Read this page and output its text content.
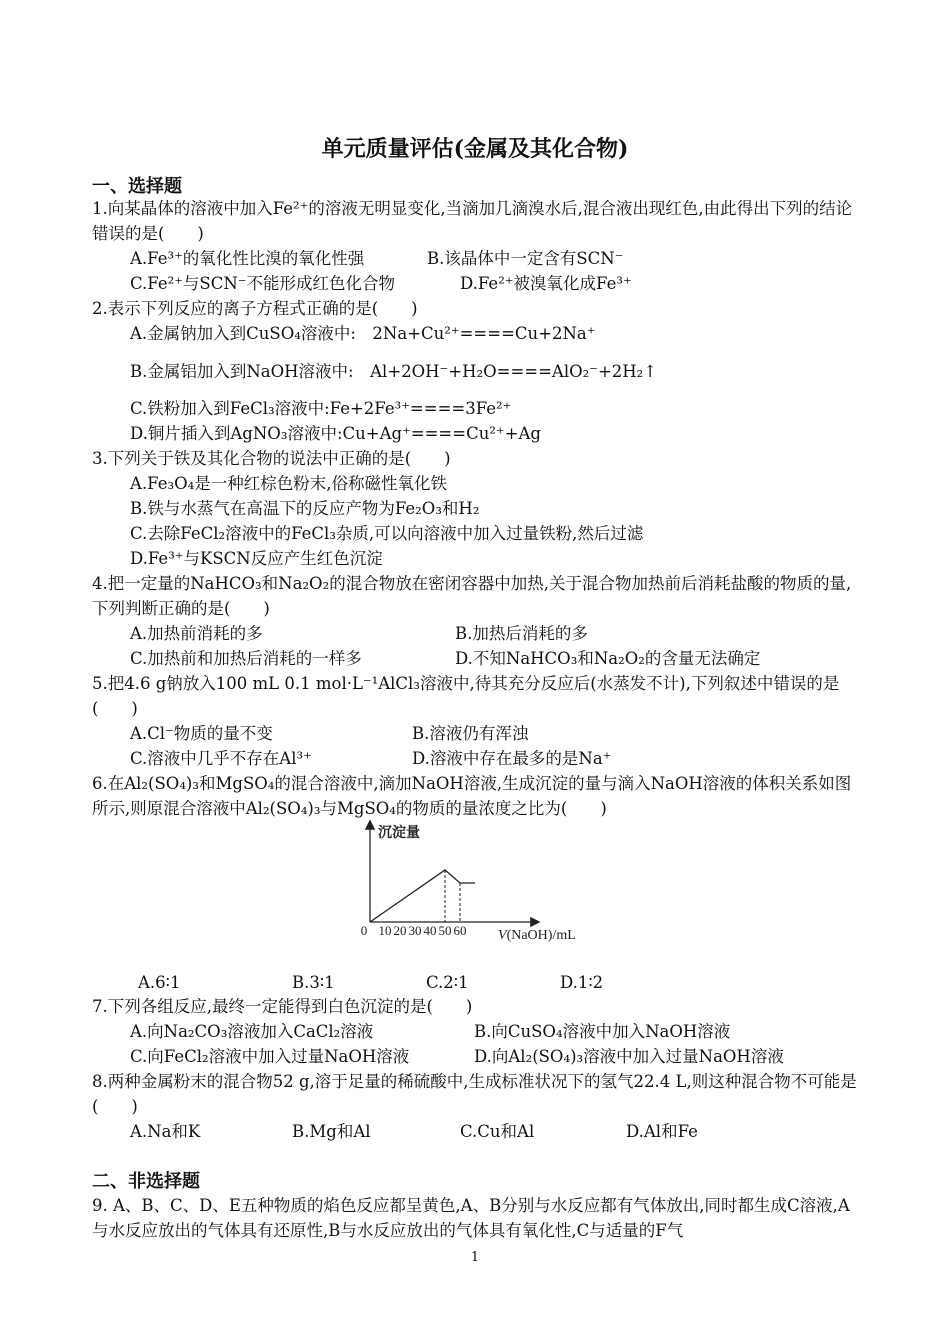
单元质量评估(金属及其化合物)
一、选择题
1.向某晶体的溶液中加入Fe²⁺的溶液无明显变化,当滴加几滴溴水后,混合液出现红色,由此得出下列的结论错误的是(　　)
A.Fe³⁺的氧化性比溴的氧化性强	B.该晶体中一定含有SCN⁻
C.Fe²⁺与SCN⁻不能形成红色化合物	D.Fe²⁺被溴氧化成Fe³⁺
2.表示下列反应的离子方程式正确的是(　　)
A.金属钠加入到CuSO₄溶液中:　2Na+Cu²⁺====Cu+2Na⁺
B.金属铝加入到NaOH溶液中:　Al+2OH⁻+H₂O====AlO₂⁻+2H₂↑
C.铁粉加入到FeCl₃溶液中:Fe+2Fe³⁺====3Fe²⁺
D.铜片插入到AgNO₃溶液中:Cu+Ag⁺====Cu²⁺+Ag
3.下列关于铁及其化合物的说法中正确的是(　　)
A.Fe₃O₄是一种红棕色粉末,俗称磁性氧化铁
B.铁与水蒸气在高温下的反应产物为Fe₂O₃和H₂
C.去除FeCl₂溶液中的FeCl₃杂质,可以向溶液中加入过量铁粉,然后过滤
D.Fe³⁺与KSCN反应产生红色沉淀
4.把一定量的NaHCO₃和Na₂O₂的混合物放在密闭容器中加热,关于混合物加热前后消耗盐酸的物质的量,下列判断正确的是(　　)
A.加热前消耗的多	B.加热后消耗的多
C.加热前和加热后消耗的一样多	D.不知NaHCO₃和Na₂O₂的含量无法确定
5.把4.6 g钠放入100 mL 0.1 mol·L⁻¹AlCl₃溶液中,待其充分反应后(水蒸发不计),下列叙述中错误的是(　　)
A.Cl⁻物质的量不变	B.溶液仍有浑浊
C.溶液中几乎不存在Al³⁺	D.溶液中存在最多的是Na⁺
6.在Al₂(SO₄)₃和MgSO₄的混合溶液中,滴加NaOH溶液,生成沉淀的量与滴入NaOH溶液的体积关系如图所示,则原混合溶液中Al₂(SO₄)₃与MgSO₄的物质的量浓度之比为(　　)
沉淀量
0 10 20 30 40 50 60 V(NaOH)/mL
A.6∶1	B.3∶1	C.2∶1	D.1∶2
7.下列各组反应,最终一定能得到白色沉淀的是(　　)
A.向Na₂CO₃溶液加入CaCl₂溶液	B.向CuSO₄溶液中加入NaOH溶液
C.向FeCl₂溶液中加入过量NaOH溶液	D.向Al₂(SO₄)₃溶液中加入过量NaOH溶液
8.两种金属粉末的混合物52 g,溶于足量的稀硫酸中,生成标准状况下的氢气22.4 L,则这种混合物不可能是(　　)
A.Na和K	B.Mg和Al	C.Cu和Al	D.Al和Fe
二、非选择题
9. A、B、C、D、E五种物质的焰色反应都呈黄色,A、B分别与水反应都有气体放出,同时都生成C溶液,A与水反应放出的气体具有还原性,B与水反应放出的气体具有氧化性,C与适量的F气
1
